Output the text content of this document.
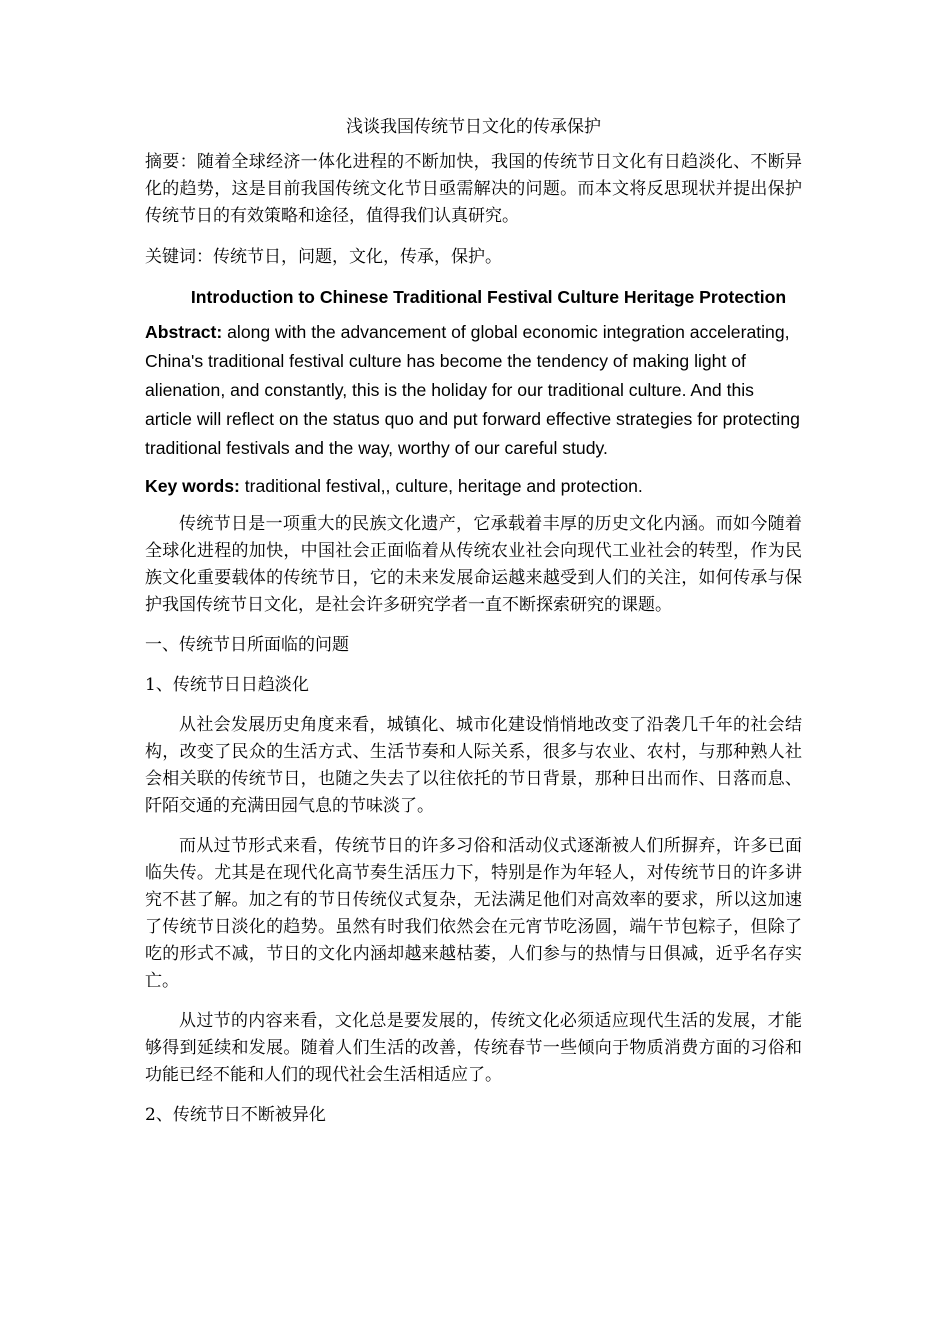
浅谈我国传统节日文化的传承保护

摘要：随着全球经济一体化进程的不断加快，我国的传统节日文化有日趋淡化、不断异化的趋势，这是目前我国传统文化节日亟需解决的问题。而本文将反思现状并提出保护传统节日的有效策略和途径，值得我们认真研究。

关键词：传统节日，问题，文化，传承，保护。

Introduction to Chinese Traditional Festival Culture Heritage Protection

Abstract: along with the advancement of global economic integration accelerating, China's traditional festival culture has become the tendency of making light of alienation, and constantly, this is the holiday for our traditional culture. And this article will reflect on the status quo and put forward effective strategies for protecting traditional festivals and the way, worthy of our careful study.

Key words: traditional festival,, culture, heritage and protection.

传统节日是一项重大的民族文化遗产，它承载着丰厚的历史文化内涵。而如今随着全球化进程的加快，中国社会正面临着从传统农业社会向现代工业社会的转型，作为民族文化重要载体的传统节日，它的未来发展命运越来越受到人们的关注，如何传承与保护我国传统节日文化，是社会许多研究学者一直不断探索研究的课题。

一、传统节日所面临的问题

1、传统节日日趋淡化

从社会发展历史角度来看，城镇化、城市化建设悄悄地改变了沿袭几千年的社会结构，改变了民众的生活方式、生活节奏和人际关系，很多与农业、农村，与那种熟人社会相关联的传统节日，也随之失去了以往依托的节日背景，那种日出而作、日落而息、阡陌交通的充满田园气息的节味淡了。

而从过节形式来看，传统节日的许多习俗和活动仪式逐渐被人们所摒弃，许多已面临失传。尤其是在现代化高节奏生活压力下，特别是作为年轻人，对传统节日的许多讲究不甚了解。加之有的节日传统仪式复杂，无法满足他们对高效率的要求，所以这加速了传统节日淡化的趋势。虽然有时我们依然会在元宵节吃汤圆，端午节包粽子，但除了吃的形式不减，节日的文化内涵却越来越枯萎，人们参与的热情与日俱减，近乎名存实亡。

从过节的内容来看，文化总是要发展的，传统文化必须适应现代生活的发展，才能够得到延续和发展。随着人们生活的改善，传统春节一些倾向于物质消费方面的习俗和功能已经不能和人们的现代社会生活相适应了。

2、传统节日不断被异化
